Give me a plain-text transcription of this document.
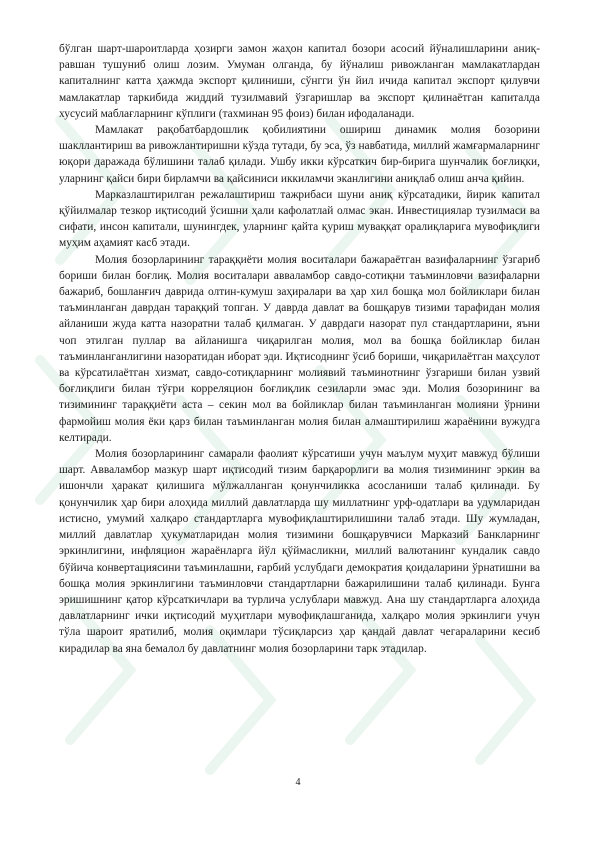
бўлган шарт-шароитларда ҳозирги замон жаҳон капитал бозори асосий йўналишларини аниқ-равшан тушуниб олиш лозим. Умуман олганда, бу йўналиш ривожланган мамлакатлардан капиталнинг катта ҳажмда экспорт қилиниши, сўнгги ўн йил ичида капитал экспорт қилувчи мамлакатлар таркибида жиддий тузилмавий ўзгаришлар ва экспорт қилинаётган капиталда хусусий маблағларнинг кўплиги (тахминан 95 фоиз) билан ифодаланади.

Мамлакат рақобатбардошлик қобилиятини ошириш динамик молия бозорини шакллантириш ва ривожлантиришни кўзда тутади, бу эса, ўз навбатида, миллий жамғармаларнинг юқори даражада бўлишини талаб қилади. Ушбу икки кўрсаткич бир-бирига шунчалик боғлиқки, уларнинг қайси бири бирламчи ва қайсиниси иккиламчи эканлигини аниқлаб олиш анча қийин.

Марказлаштирилган режалаштириш тажрибаси шуни аниқ кўрсатадики, йирик капитал қўйилмалар тезкор иқтисодий ўсишни ҳали кафолатлай олмас экан. Инвестициялар тузилмаси ва сифати, инсон капитали, шунингдек, уларнинг қайта қуриш муваққат оралиқларига мувофиқлиги муҳим аҳамият касб этади.

Молия бозорларининг тараққиёти молия воситалари бажараётган вазифаларнинг ўзгариб бориши билан боғлиқ. Молия воситалари авваламбор савдо-сотиқни таъминловчи вазифаларни бажариб, бошланғич даврида олтин-кумуш заҳиралари ва ҳар хил бошқа мол бойликлари билан таъминланган даврдан тараққий топган. У даврда давлат ва бошқарув тизими тарафидан молия айланиши жуда катта назоратни талаб қилмаган. У даврдаги назорат пул стандартларини, яъни чоп этилган пуллар ва айланишга чиқарилган молия, мол ва бошқа бойликлар билан таъминланганлигини назоратидан иборат эди. Иқтисоднинг ўсиб бориши, чиқарилаётган маҳсулот ва кўрсатилаётган хизмат, савдо-сотиқларнинг молиявий таъминотнинг ўзгариши билан узвий боғлиқлиги билан тўғри корреляцион боғлиқлик сезиларли эмас эди. Молия бозорининг ва тизимининг тараққиёти аста – секин мол ва бойликлар билан таъминланган молияни ўрнини фармойиш молия ёки қарз билан таъминланган молия билан алмаштирилиш жараёнини вужудга келтиради.

Молия бозорларининг самарали фаолият кўрсатиши учун маълум муҳит мавжуд бўлиши шарт. Авваламбор мазкур шарт иқтисодий тизим барқарорлиги ва молия тизимининг эркин ва ишончли ҳаракат қилишига мўлжалланган қонунчиликка асосланиши талаб қилинади. Бу қонунчилик ҳар бири алоҳида миллий давлатларда шу миллатнинг урф-одатлари ва удумларидан истисно, умумий халқаро стандартларга мувофиқлаштирилишини талаб этади. Шу жумладан, миллий давлатлар ҳукуматларидан молия тизимини бошқарувчиси Марказий Банкларнинг эркинлигини, инфляцион жараёнларга йўл қўймасликни, миллий валютанинг кундалик савдо бўйича конвертациясини таъминлашни, ғарбий услубдаги демократия қоидаларини ўрнатишни ва бошқа молия эркинлигини таъминловчи стандартларни бажарилишини талаб қилинади. Бунга эришишнинг қатор кўрсаткичлари ва турлича услублари мавжуд. Ана шу стандартларга алоҳида давлатларнинг ички иқтисодий муҳитлари мувофиқлашганида, халқаро молия эркинлиги учун тўла шароит яратилиб, молия оқимлари тўсиқларсиз ҳар қандай давлат чегараларини кесиб кирадилар ва яна бемалол бу давлатнинг молия бозорларини тарк этадилар.

4
